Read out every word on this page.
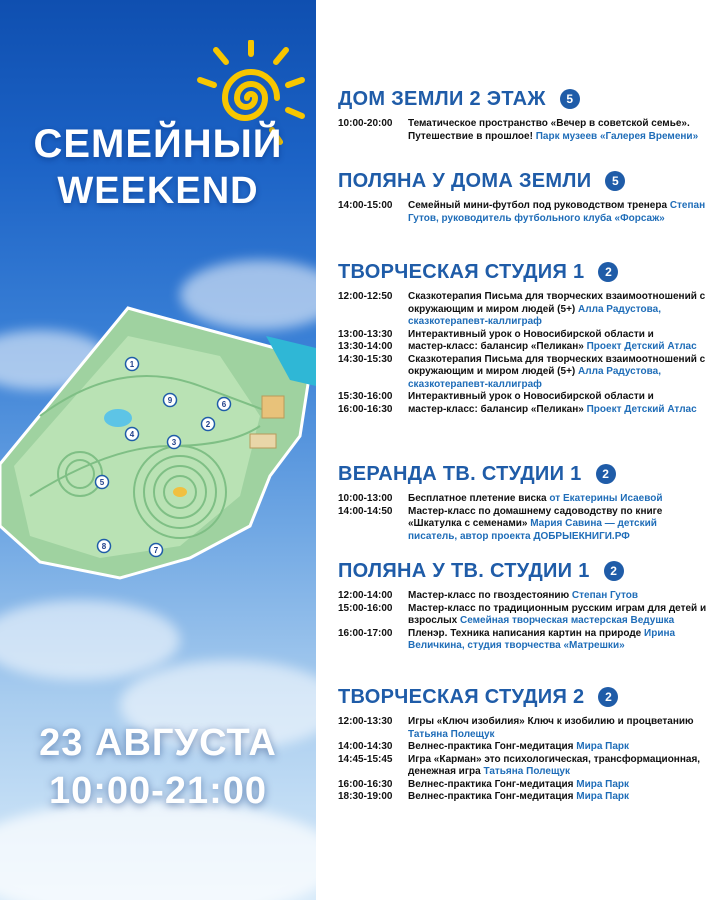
СЕМЕЙНЫЙ
WEEKEND
1
2
3
4
5
6
7
8
9
23 АВГУСТА
10:00-21:00
ДОМ ЗЕМЛИ 2 ЭТАЖ	5
10:00-20:00	Тематическое пространство «Вечер в советской семье». Путешествие в прошлое! Парк музеев «Галерея Времени»
ПОЛЯНА У ДОМА ЗЕМЛИ	5
14:00-15:00	Семейный мини-футбол под руководством тренера Степан Гутов, руководитель футбольного клуба «Форсаж»
ТВОРЧЕСКАЯ СТУДИЯ 1	2
12:00-12:50	Сказкотерапия Письма для творческих взаимоотношений с окружающим и миром людей (5+) Алла Радустова, сказкотерапевт-каллиграф
13:00-13:30	Интерактивный урок о Новосибирской области и
13:30-14:00	мастер-класс: балансир «Пеликан» Проект Детский Атлас
14:30-15:30	Сказкотерапия Письма для творческих взаимоотношений с окружающим и миром людей (5+) Алла Радустова, сказкотерапевт-каллиграф
15:30-16:00	Интерактивный урок о Новосибирской области и
16:00-16:30	мастер-класс: балансир «Пеликан» Проект Детский Атлас
ВЕРАНДА ТВ. СТУДИИ 1	2
10:00-13:00	Бесплатное плетение виска от Екатерины Исаевой
14:00-14:50	Мастер-класс по домашнему садоводству по книге «Шкатулка с семенами» Мария Савина — детский писатель, автор проекта ДОБРЫЕКНИГИ.РФ
ПОЛЯНА У ТВ. СТУДИИ 1	2
12:00-14:00	Мастер-класс по гвоздестоянию Степан Гутов
15:00-16:00	Мастер-класс по традиционным русским играм для детей и взрослых Семейная творческая мастерская Ведушка
16:00-17:00	Пленэр. Техника написания картин на природе Ирина Величкина, студия творчества «Матрешки»
ТВОРЧЕСКАЯ СТУДИЯ 2	2
12:00-13:30	Игры «Ключ изобилия» Ключ к изобилию и процветанию Татьяна Полещук
14:00-14:30	Велнес-практика Гонг-медитация Мира Парк
14:45-15:45	Игра «Карман» это психологическая, трансформационная, денежная игра Татьяна Полещук
16:00-16:30	Велнес-практика Гонг-медитация Мира Парк
18:30-19:00	Велнес-практика Гонг-медитация Мира Парк
